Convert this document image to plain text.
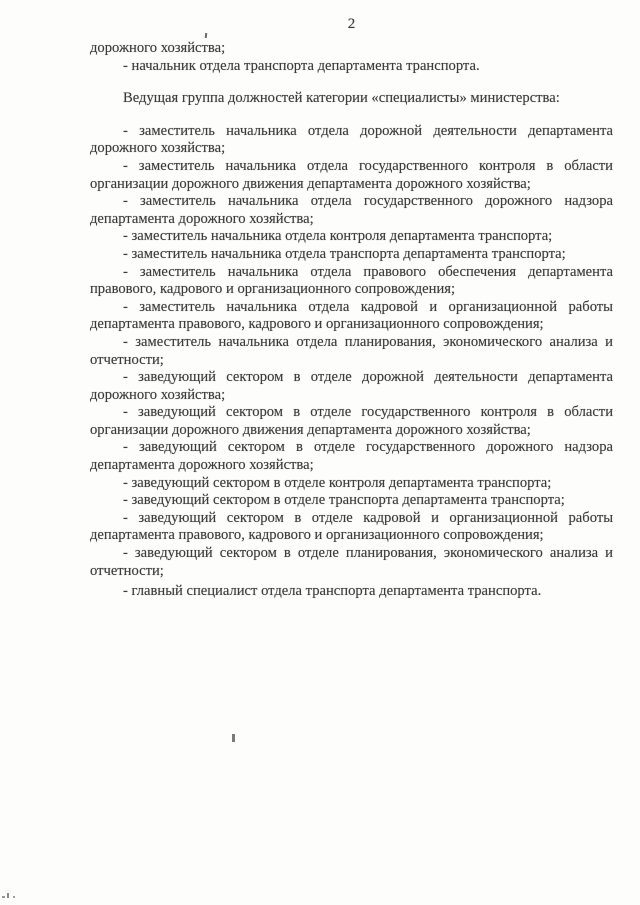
2

дорожного хозяйства;

- начальник отдела транспорта департамента транспорта.

Ведущая группа должностей категории «специалисты» министерства:

- заместитель начальника отдела дорожной деятельности департамента дорожного хозяйства;

- заместитель начальника отдела государственного контроля в области организации дорожного движения департамента дорожного хозяйства;

- заместитель начальника отдела государственного дорожного надзора департамента дорожного хозяйства;

- заместитель начальника отдела контроля департамента транспорта;

- заместитель начальника отдела транспорта департамента транспорта;

- заместитель начальника отдела правового обеспечения департамента правового, кадрового и организационного сопровождения;

- заместитель начальника отдела кадровой и организационной работы департамента правового, кадрового и организационного сопровождения;

- заместитель начальника отдела планирования, экономического анализа и отчетности;

- заведующий сектором в отделе дорожной деятельности департамента дорожного хозяйства;

- заведующий сектором в отделе государственного контроля в области организации дорожного движения департамента дорожного хозяйства;

- заведующий сектором в отделе государственного дорожного надзора департамента дорожного хозяйства;

- заведующий сектором в отделе контроля департамента транспорта;

- заведующий сектором в отделе транспорта департамента транспорта;

- заведующий сектором в отделе кадровой и организационной работы департамента правового, кадрового и организационного сопровождения;

- заведующий сектором в отделе планирования, экономического анализа и отчетности;

- главный специалист отдела транспорта департамента транспорта.
